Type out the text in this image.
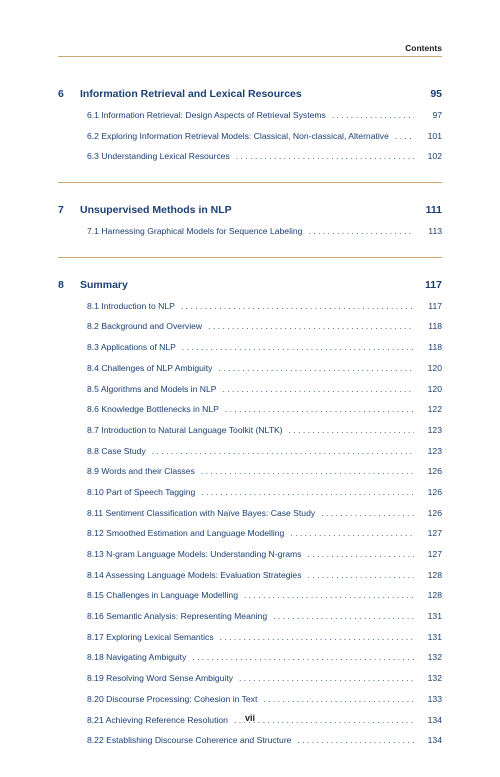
Contents
6	Information Retrieval and Lexical Resources	95
6.1 Information Retrieval: Design Aspects of Retrieval Systems . . .	97
6.2 Exploring Information Retrieval Models: Classical, Non-classical, Alternative . . .	101
6.3 Understanding Lexical Resources . . .	102
7	Unsupervised Methods in NLP	111
7.1 Harnessing Graphical Models for Sequence Labeling . . .	113
8	Summary	117
8.1 Introduction to NLP . . .	117
8.2 Background and Overview . . .	118
8.3 Applications of NLP . . .	118
8.4 Challenges of NLP Ambiguity . . .	120
8.5 Algorithms and Models in NLP . . .	120
8.6 Knowledge Bottlenecks in NLP . . .	122
8.7 Introduction to Natural Language Toolkit (NLTK) . . .	123
8.8 Case Study . . .	123
8.9 Words and their Classes . . .	126
8.10 Part of Speech Tagging . . .	126
8.11 Sentiment Classification with Naïve Bayes: Case Study . . .	126
8.12 Smoothed Estimation and Language Modelling . . .	127
8.13 N-gram Language Models: Understanding N-grams . . .	127
8.14 Assessing Language Models: Evaluation Strategies . . .	128
8.15 Challenges in Language Modelling . . .	128
8.16 Semantic Analysis: Representing Meaning . . .	131
8.17 Exploring Lexical Semantics . . .	131
8.18 Navigating Ambiguity . . .	132
8.19 Resolving Word Sense Ambiguity . . .	132
8.20 Discourse Processing: Cohesion in Text . . .	133
8.21 Achieving Reference Resolution . . .	134
8.22 Establishing Discourse Coherence and Structure . . .	134
vii
